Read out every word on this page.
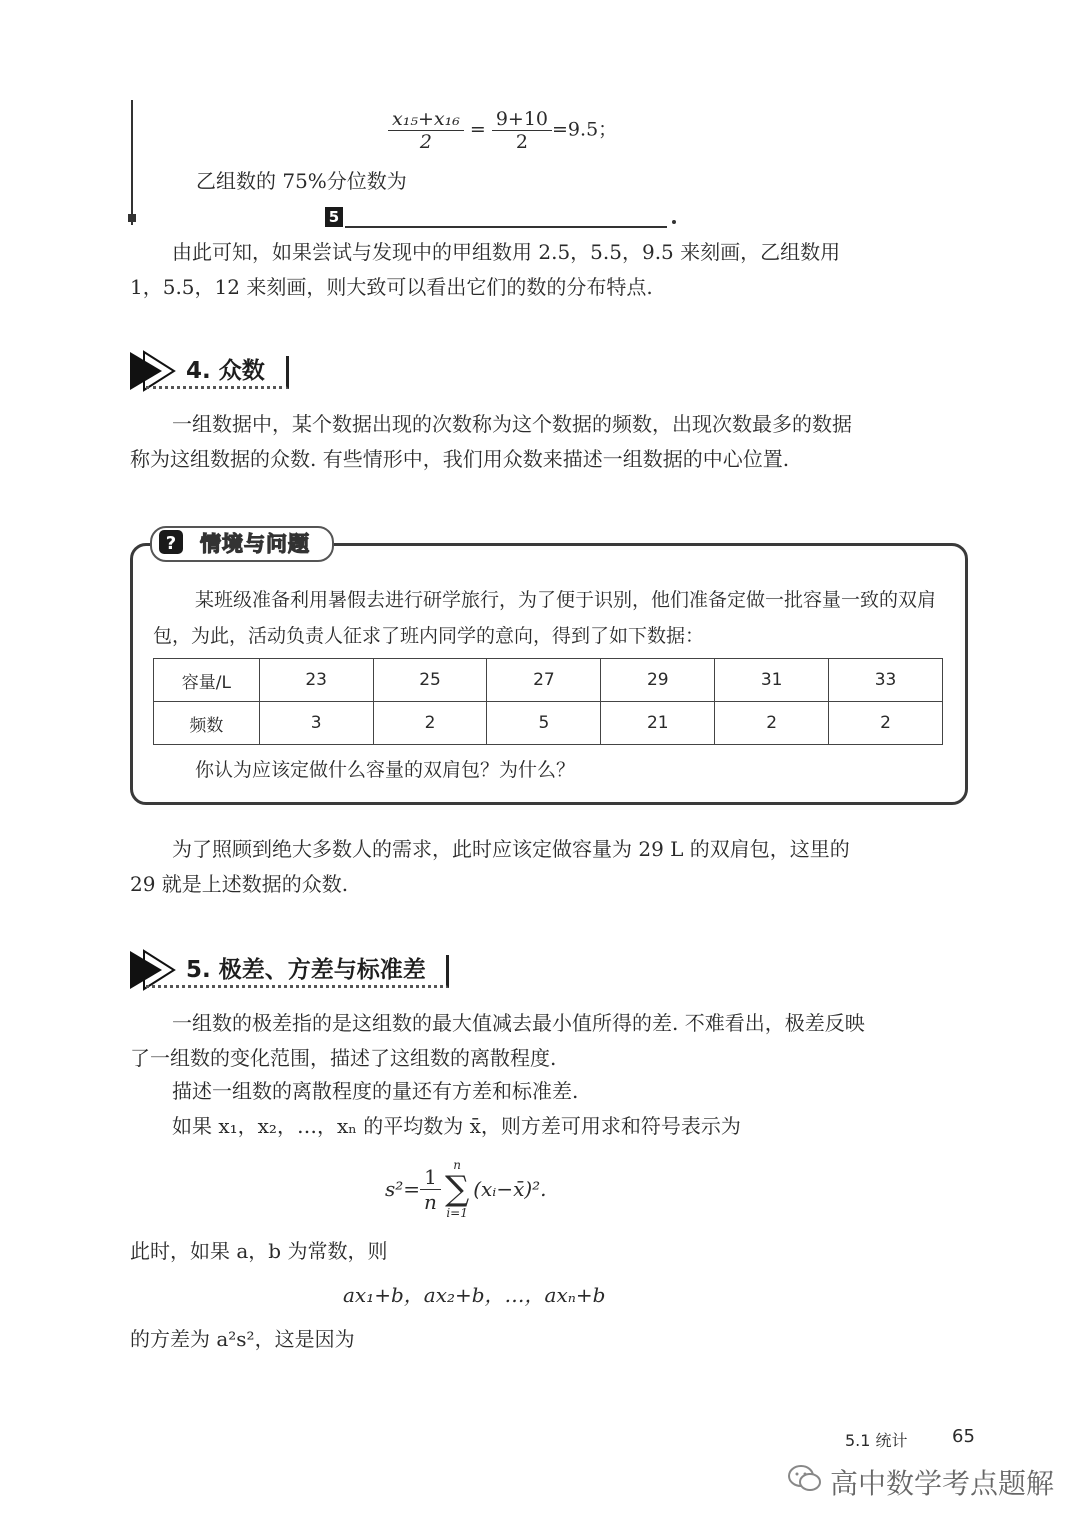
$\frac{\text{x₁₅+x₁₆}}{2} = \frac{9+10}{2} =9.5$；

乙组数的 75%分位数为

5

由此可知，如果尝试与发现中的甲组数用 2.5，5.5，9.5 来刻画，乙组数用 1，5.5，12 来刻画，则大致可以看出它们的数的分布特点.

4. 众数

一组数据中，某个数据出现的次数称为这个数据的频数，出现次数最多的数据称为这组数据的众数. 有些情形中，我们用众数来描述一组数据的中心位置.

? 情境与问题

某班级准备利用暑假去进行研学旅行，为了便于识别，他们准备定做一批容量一致的双肩包，为此，活动负责人征求了班内同学的意向，得到了如下数据：

容量/L	23	25	27	29	31	33
频数	3	2	5	21	2	2

你认为应该定做什么容量的双肩包？为什么？

为了照顾到绝大多数人的需求，此时应该定做容量为 29 L 的双肩包，这里的 29 就是上述数据的众数.

5. 极差、方差与标准差

一组数的极差指的是这组数的最大值减去最小值所得的差. 不难看出，极差反映了一组数的变化范围，描述了这组数的离散程度.

描述一组数的离散程度的量还有方差和标准差.

如果 x₁，x₂，…，xₙ 的平均数为 x̄，则方差可用求和符号表示为

$s^2= \frac{1}{n}$ n
∑
i=1
(xᵢ−x̄)².

此时，如果 a，b 为常数，则

ax₁+b，ax₂+b，…，axₙ+b

的方差为 a²s²，这是因为

5.1 统计 65
高中数学考点题解
